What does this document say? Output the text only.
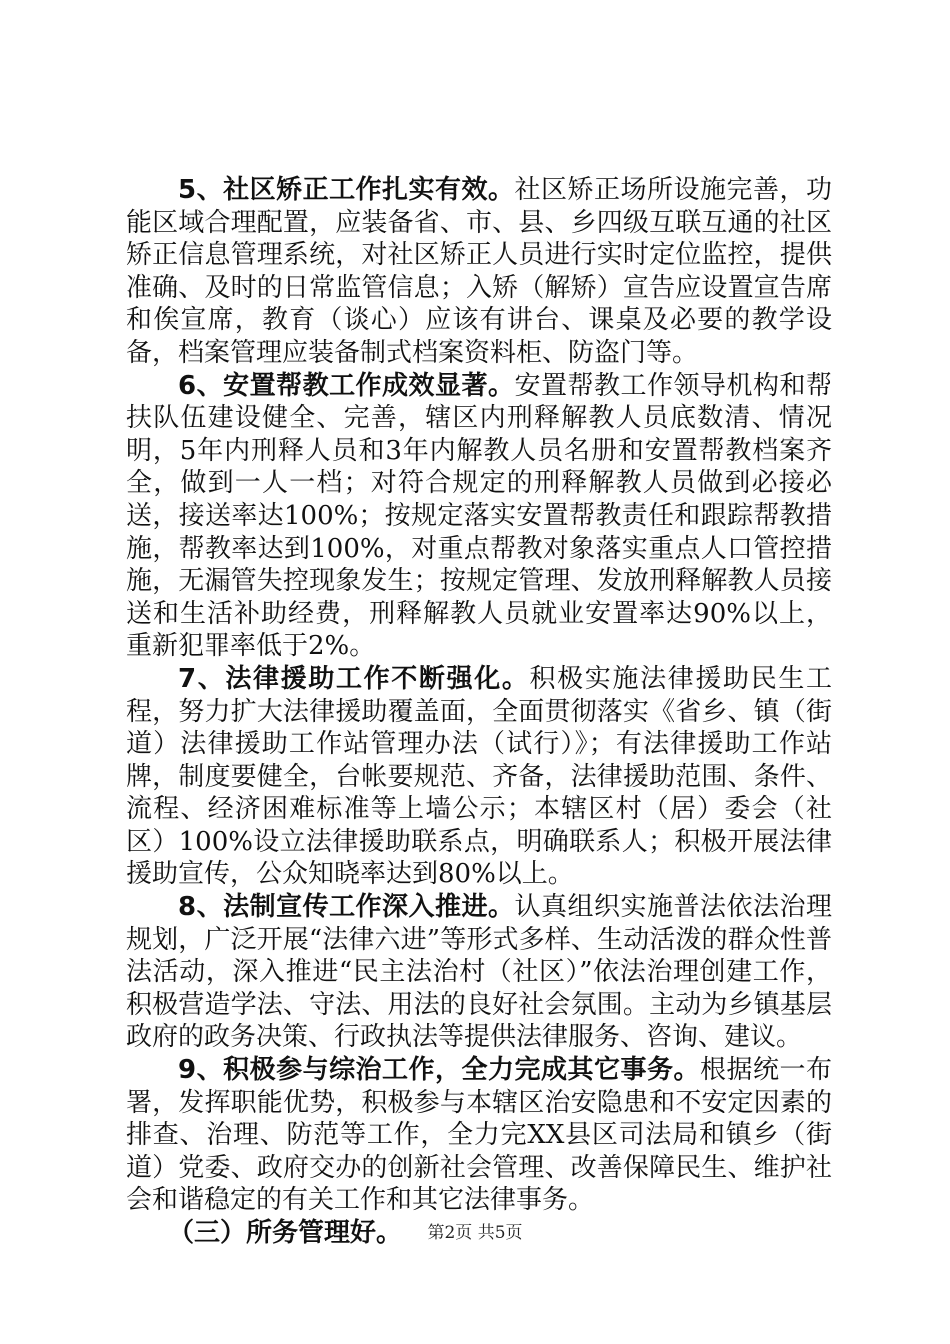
5、社区矫正工作扎实有效。社区矫正场所设施完善，功能区域合理配置，应装备省、市、县、乡四级互联互通的社区矫正信息管理系统，对社区矫正人员进行实时定位监控，提供准确、及时的日常监管信息；入矫（解矫）宣告应设置宣告席和俟宣席，教育（谈心）应该有讲台、课桌及必要的教学设备，档案管理应装备制式档案资料柜、防盗门等。

6、安置帮教工作成效显著。安置帮教工作领导机构和帮扶队伍建设健全、完善，辖区内刑释解教人员底数清、情况明，5年内刑释人员和3年内解教人员名册和安置帮教档案齐全，做到一人一档；对符合规定的刑释解教人员做到必接必送，接送率达100%；按规定落实安置帮教责任和跟踪帮教措施，帮教率达到100%，对重点帮教对象落实重点人口管控措施，无漏管失控现象发生；按规定管理、发放刑释解教人员接送和生活补助经费，刑释解教人员就业安置率达90%以上，重新犯罪率低于2%。

7、法律援助工作不断强化。积极实施法律援助民生工程，努力扩大法律援助覆盖面，全面贯彻落实《省乡、镇（街道）法律援助工作站管理办法（试行）》；有法律援助工作站牌，制度要健全，台帐要规范、齐备，法律援助范围、条件、流程、经济困难标准等上墙公示；本辖区村（居）委会（社区）100%设立法律援助联系点，明确联系人；积极开展法律援助宣传，公众知晓率达到80%以上。

8、法制宣传工作深入推进。认真组织实施普法依法治理规划，广泛开展“法律六进”等形式多样、生动活泼的群众性普法活动，深入推进“民主法治村（社区）”依法治理创建工作，积极营造学法、守法、用法的良好社会氛围。主动为乡镇基层政府的政务决策、行政执法等提供法律服务、咨询、建议。

9、积极参与综治工作，全力完成其它事务。根据统一布署，发挥职能优势，积极参与本辖区治安隐患和不安定因素的排查、治理、防范等工作，全力完XX县区司法局和镇乡（街道）党委、政府交办的创新社会管理、改善保障民生、维护社会和谐稳定的有关工作和其它法律事务。

（三）所务管理好。	第2页 共5页
